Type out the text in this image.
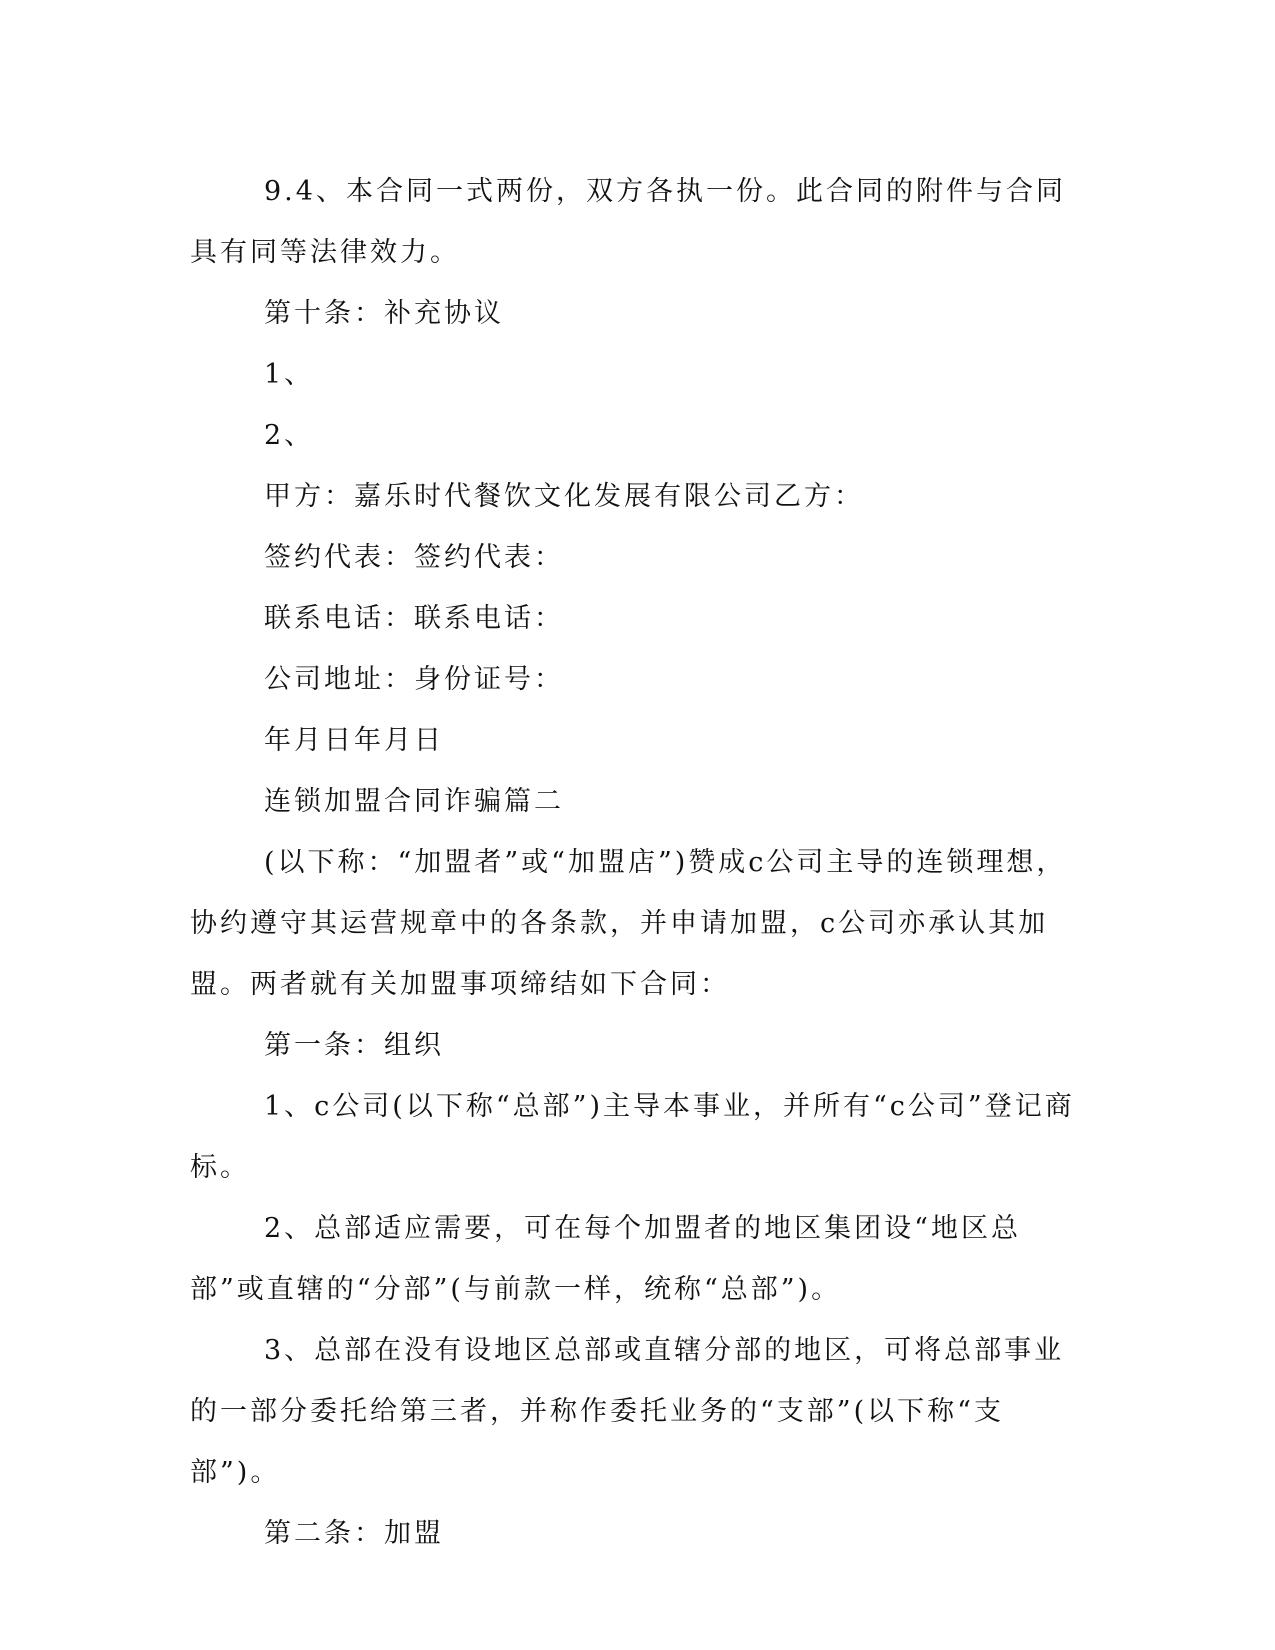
9.4、本合同一式两份，双方各执一份。此合同的附件与合同具有同等法律效力。

第十条：补充协议

1、

2、

甲方：嘉乐时代餐饮文化发展有限公司乙方：

签约代表：签约代表：

联系电话：联系电话：

公司地址：身份证号：

年月日年月日

连锁加盟合同诈骗篇二

(以下称：“加盟者”或“加盟店”)赞成c公司主导的连锁理想，协约遵守其运营规章中的各条款，并申请加盟，c公司亦承认其加盟。两者就有关加盟事项缔结如下合同：

第一条：组织

1、c公司(以下称“总部”)主导本事业，并所有“c公司”登记商标。

2、总部适应需要，可在每个加盟者的地区集团设“地区总部”或直辖的“分部”(与前款一样，统称“总部”)。

3、总部在没有设地区总部或直辖分部的地区，可将总部事业的一部分委托给第三者，并称作委托业务的“支部”(以下称“支部”)。

第二条：加盟
